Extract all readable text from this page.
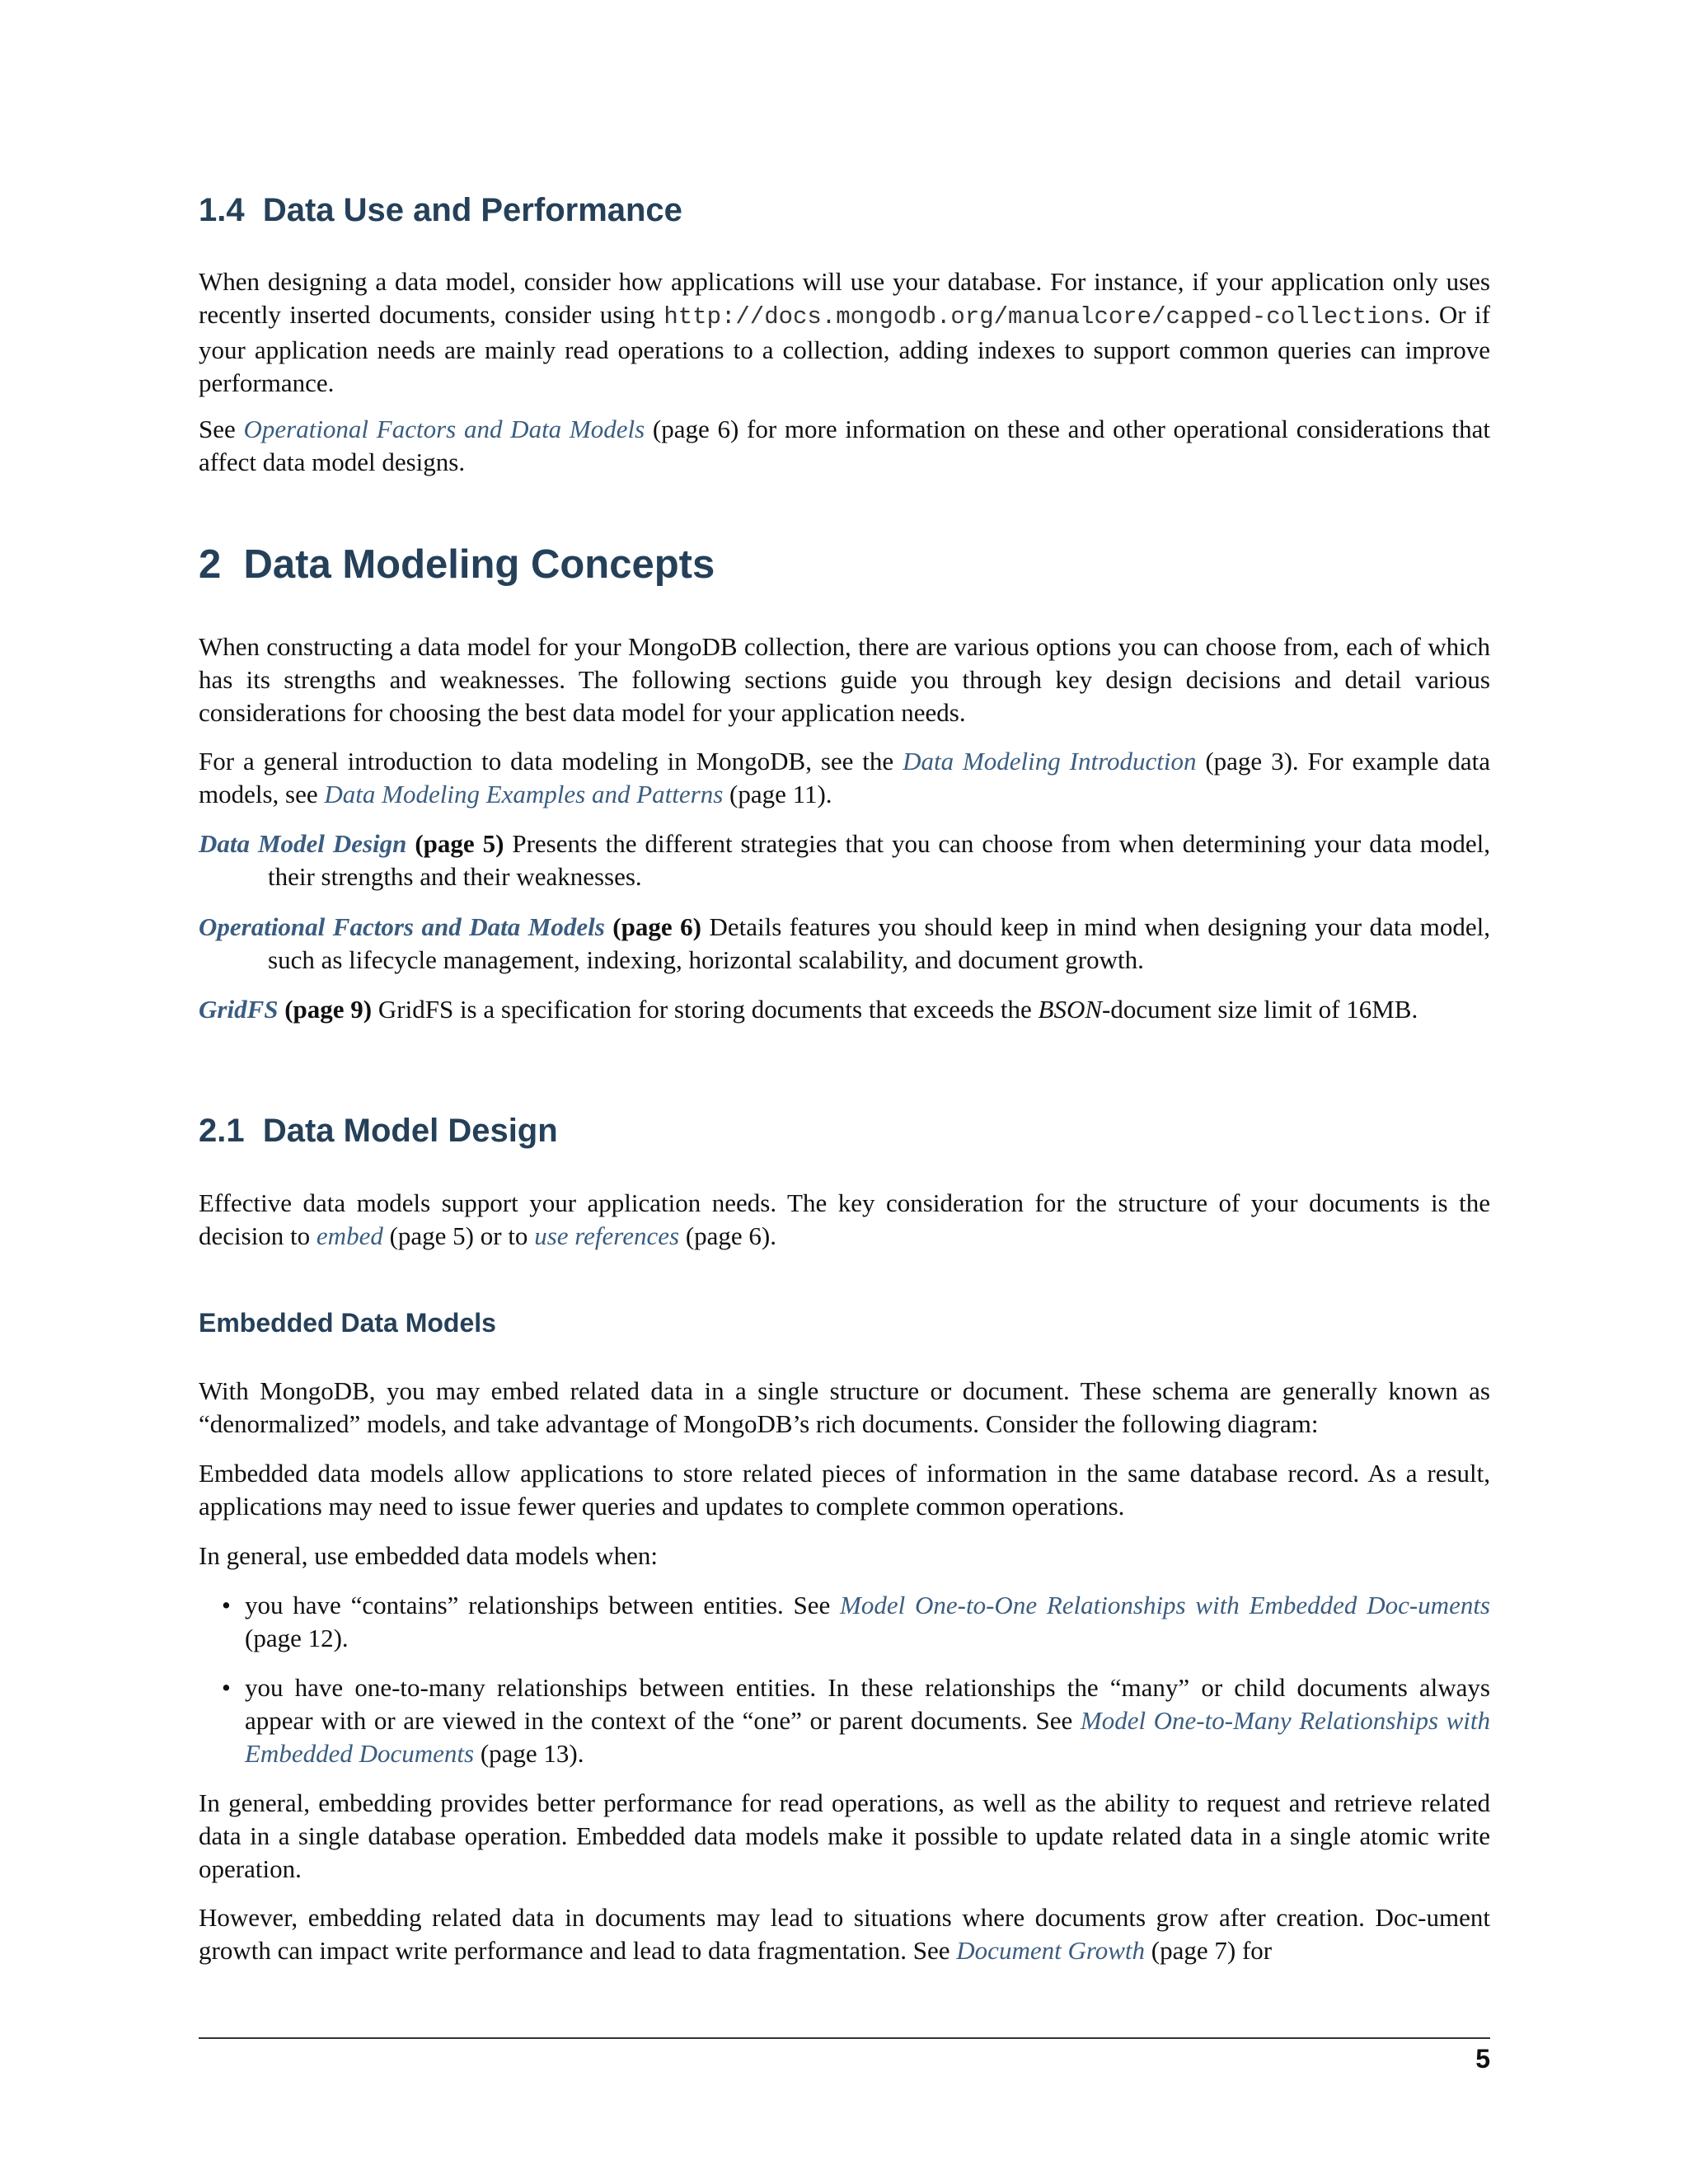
1.4 Data Use and Performance

When designing a data model, consider how applications will use your database. For instance, if your application only uses recently inserted documents, consider using http://docs.mongodb.org/manualcore/capped-collections. Or if your application needs are mainly read operations to a collection, adding indexes to support common queries can improve performance.

See Operational Factors and Data Models (page 6) for more information on these and other operational considerations that affect data model designs.

2 Data Modeling Concepts

When constructing a data model for your MongoDB collection, there are various options you can choose from, each of which has its strengths and weaknesses. The following sections guide you through key design decisions and detail various considerations for choosing the best data model for your application needs.

For a general introduction to data modeling in MongoDB, see the Data Modeling Introduction (page 3). For example data models, see Data Modeling Examples and Patterns (page 11).

Data Model Design (page 5) Presents the different strategies that you can choose from when determining your data model, their strengths and their weaknesses.
Operational Factors and Data Models (page 6) Details features you should keep in mind when designing your data model, such as lifecycle management, indexing, horizontal scalability, and document growth.
GridFS (page 9) GridFS is a specification for storing documents that exceeds the BSON-document size limit of 16MB.
2.1 Data Model Design

Effective data models support your application needs. The key consideration for the structure of your documents is the decision to embed (page 5) or to use references (page 6).

Embedded Data Models

With MongoDB, you may embed related data in a single structure or document. These schema are generally known as “denormalized” models, and take advantage of MongoDB’s rich documents. Consider the following diagram:

Embedded data models allow applications to store related pieces of information in the same database record. As a result, applications may need to issue fewer queries and updates to complete common operations.

In general, use embedded data models when:

• you have “contains” relationships between entities. See Model One-to-One Relationships with Embedded Doc-uments (page 12).
• you have one-to-many relationships between entities. In these relationships the “many” or child documents always appear with or are viewed in the context of the “one” or parent documents. See Model One-to-Many Relationships with Embedded Documents (page 13).

In general, embedding provides better performance for read operations, as well as the ability to request and retrieve related data in a single database operation. Embedded data models make it possible to update related data in a single atomic write operation.

However, embedding related data in documents may lead to situations where documents grow after creation. Doc-ument growth can impact write performance and lead to data fragmentation. See Document Growth (page 7) for

5
